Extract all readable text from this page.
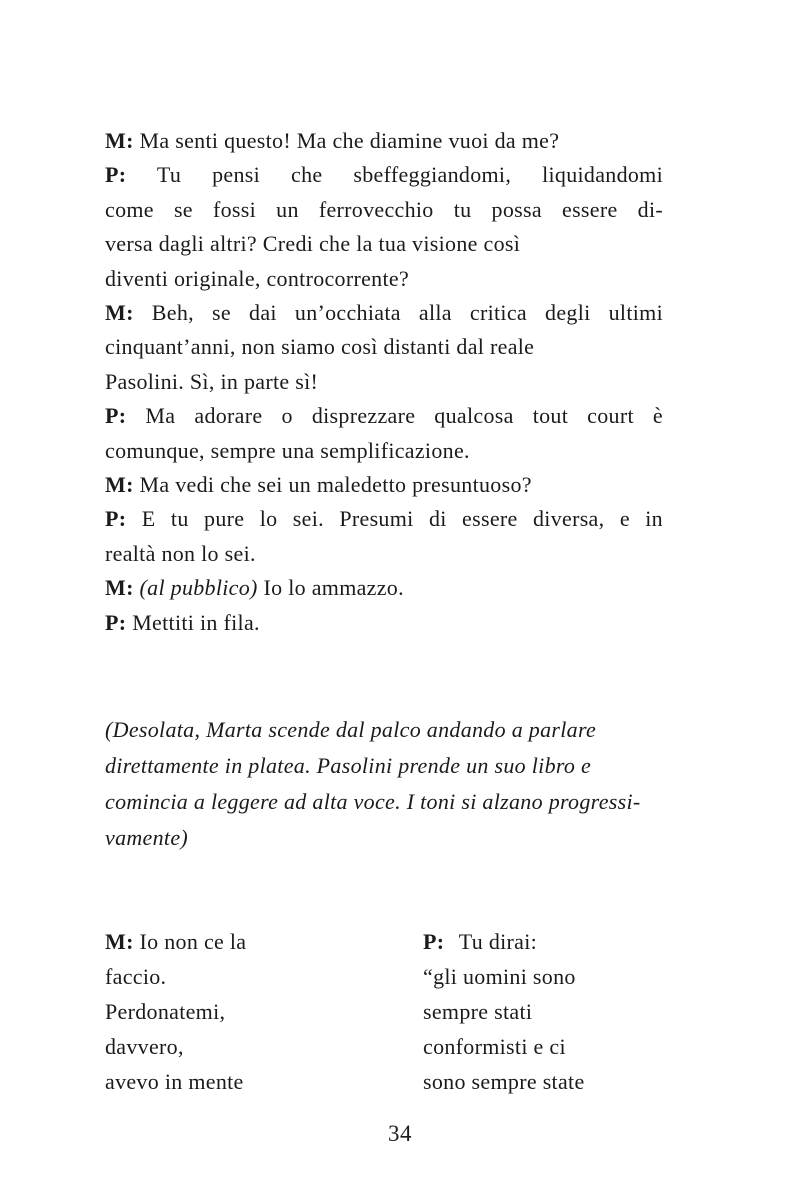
M: Ma senti questo! Ma che diamine vuoi da me?
P: Tu pensi che sbeffeggiandomi, liquidandomi
come se fossi un ferrovecchio tu possa essere di-
versa dagli altri? Credi che la tua visione così
diventi originale, controcorrente?
M: Beh, se dai un’occhiata alla critica degli ultimi
cinquant’anni, non siamo così distanti dal reale
Pasolini. Sì, in parte sì!
P: Ma adorare o disprezzare qualcosa tout court è
comunque, sempre una semplificazione.
M: Ma vedi che sei un maledetto presuntuoso?
P: E tu pure lo sei. Presumi di essere diversa, e in
realtà non lo sei.
M: (al pubblico) Io lo ammazzo.
P: Mettiti in fila.
(Desolata, Marta scende dal palco andando a parlare
direttamente in platea. Pasolini prende un suo libro e
comincia a leggere ad alta voce. I toni si alzano progressi-
vamente)
M: Io non ce la
faccio.
Perdonatemi,
davvero,
avevo in mente
P: Tu dirai:
“gli uomini sono
sempre stati
conformisti e ci
sono sempre state
34
